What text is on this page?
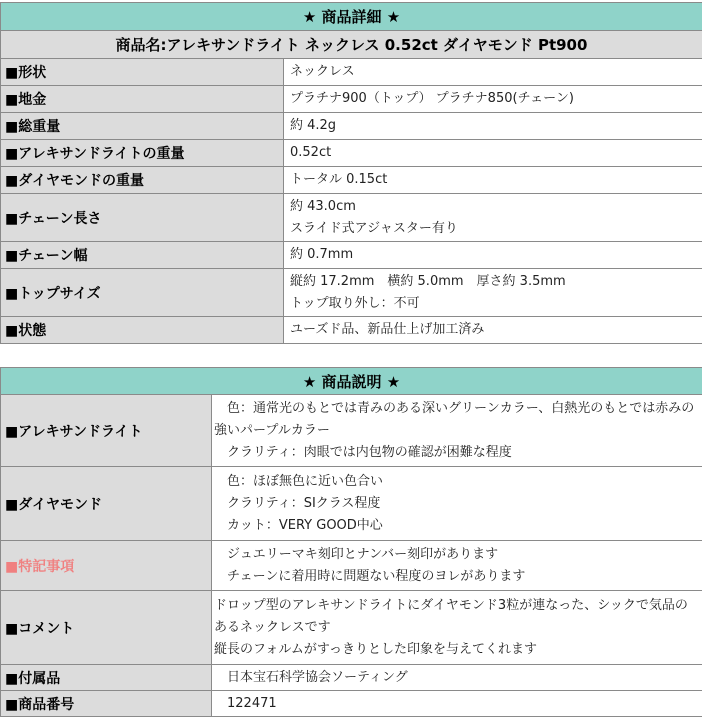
★ 商品詳細 ★	
商品名:アレキサンドライト ネックレス 0.52ct ダイヤモンド Pt900	
■形状	ネックレス

■地金	プラチナ900（トップ） プラチナ850(チェーン)

■総重量	約 4.2g

■アレキサンドライトの重量	0.52ct

■ダイヤモンドの重量	トータル 0.15ct

■チェーン長さ	約 43.0cm
スライド式アジャスター有り

■チェーン幅	約 0.7mm

■トップサイズ	縦約 17.2mm　横約 5.0mm　厚さ約 3.5mm
トップ取り外し：不可

■状態	ユーズド品、新品仕上げ加工済み
★ 商品説明 ★	
■アレキサンドライト	　色：通常光のもとでは青みのある深いグリーンカラー、白熱光のもとでは赤みの強いパープルカラー
　クラリティ：肉眼では内包物の確認が困難な程度

■ダイヤモンド	　色：ほぼ無色に近い色合い
　クラリティ：SIクラス程度
　カット：VERY GOOD中心

■特記事項	　ジュエリーマキ刻印とナンバー刻印があります
　チェーンに着用時に問題ない程度のヨレがあります

■コメント	ドロップ型のアレキサンドライトにダイヤモンド3粒が連なった、シックで気品のあるネックレスです
縦長のフォルムがすっきりとした印象を与えてくれます

■付属品	　日本宝石科学協会ソーティング

■商品番号	　122471
